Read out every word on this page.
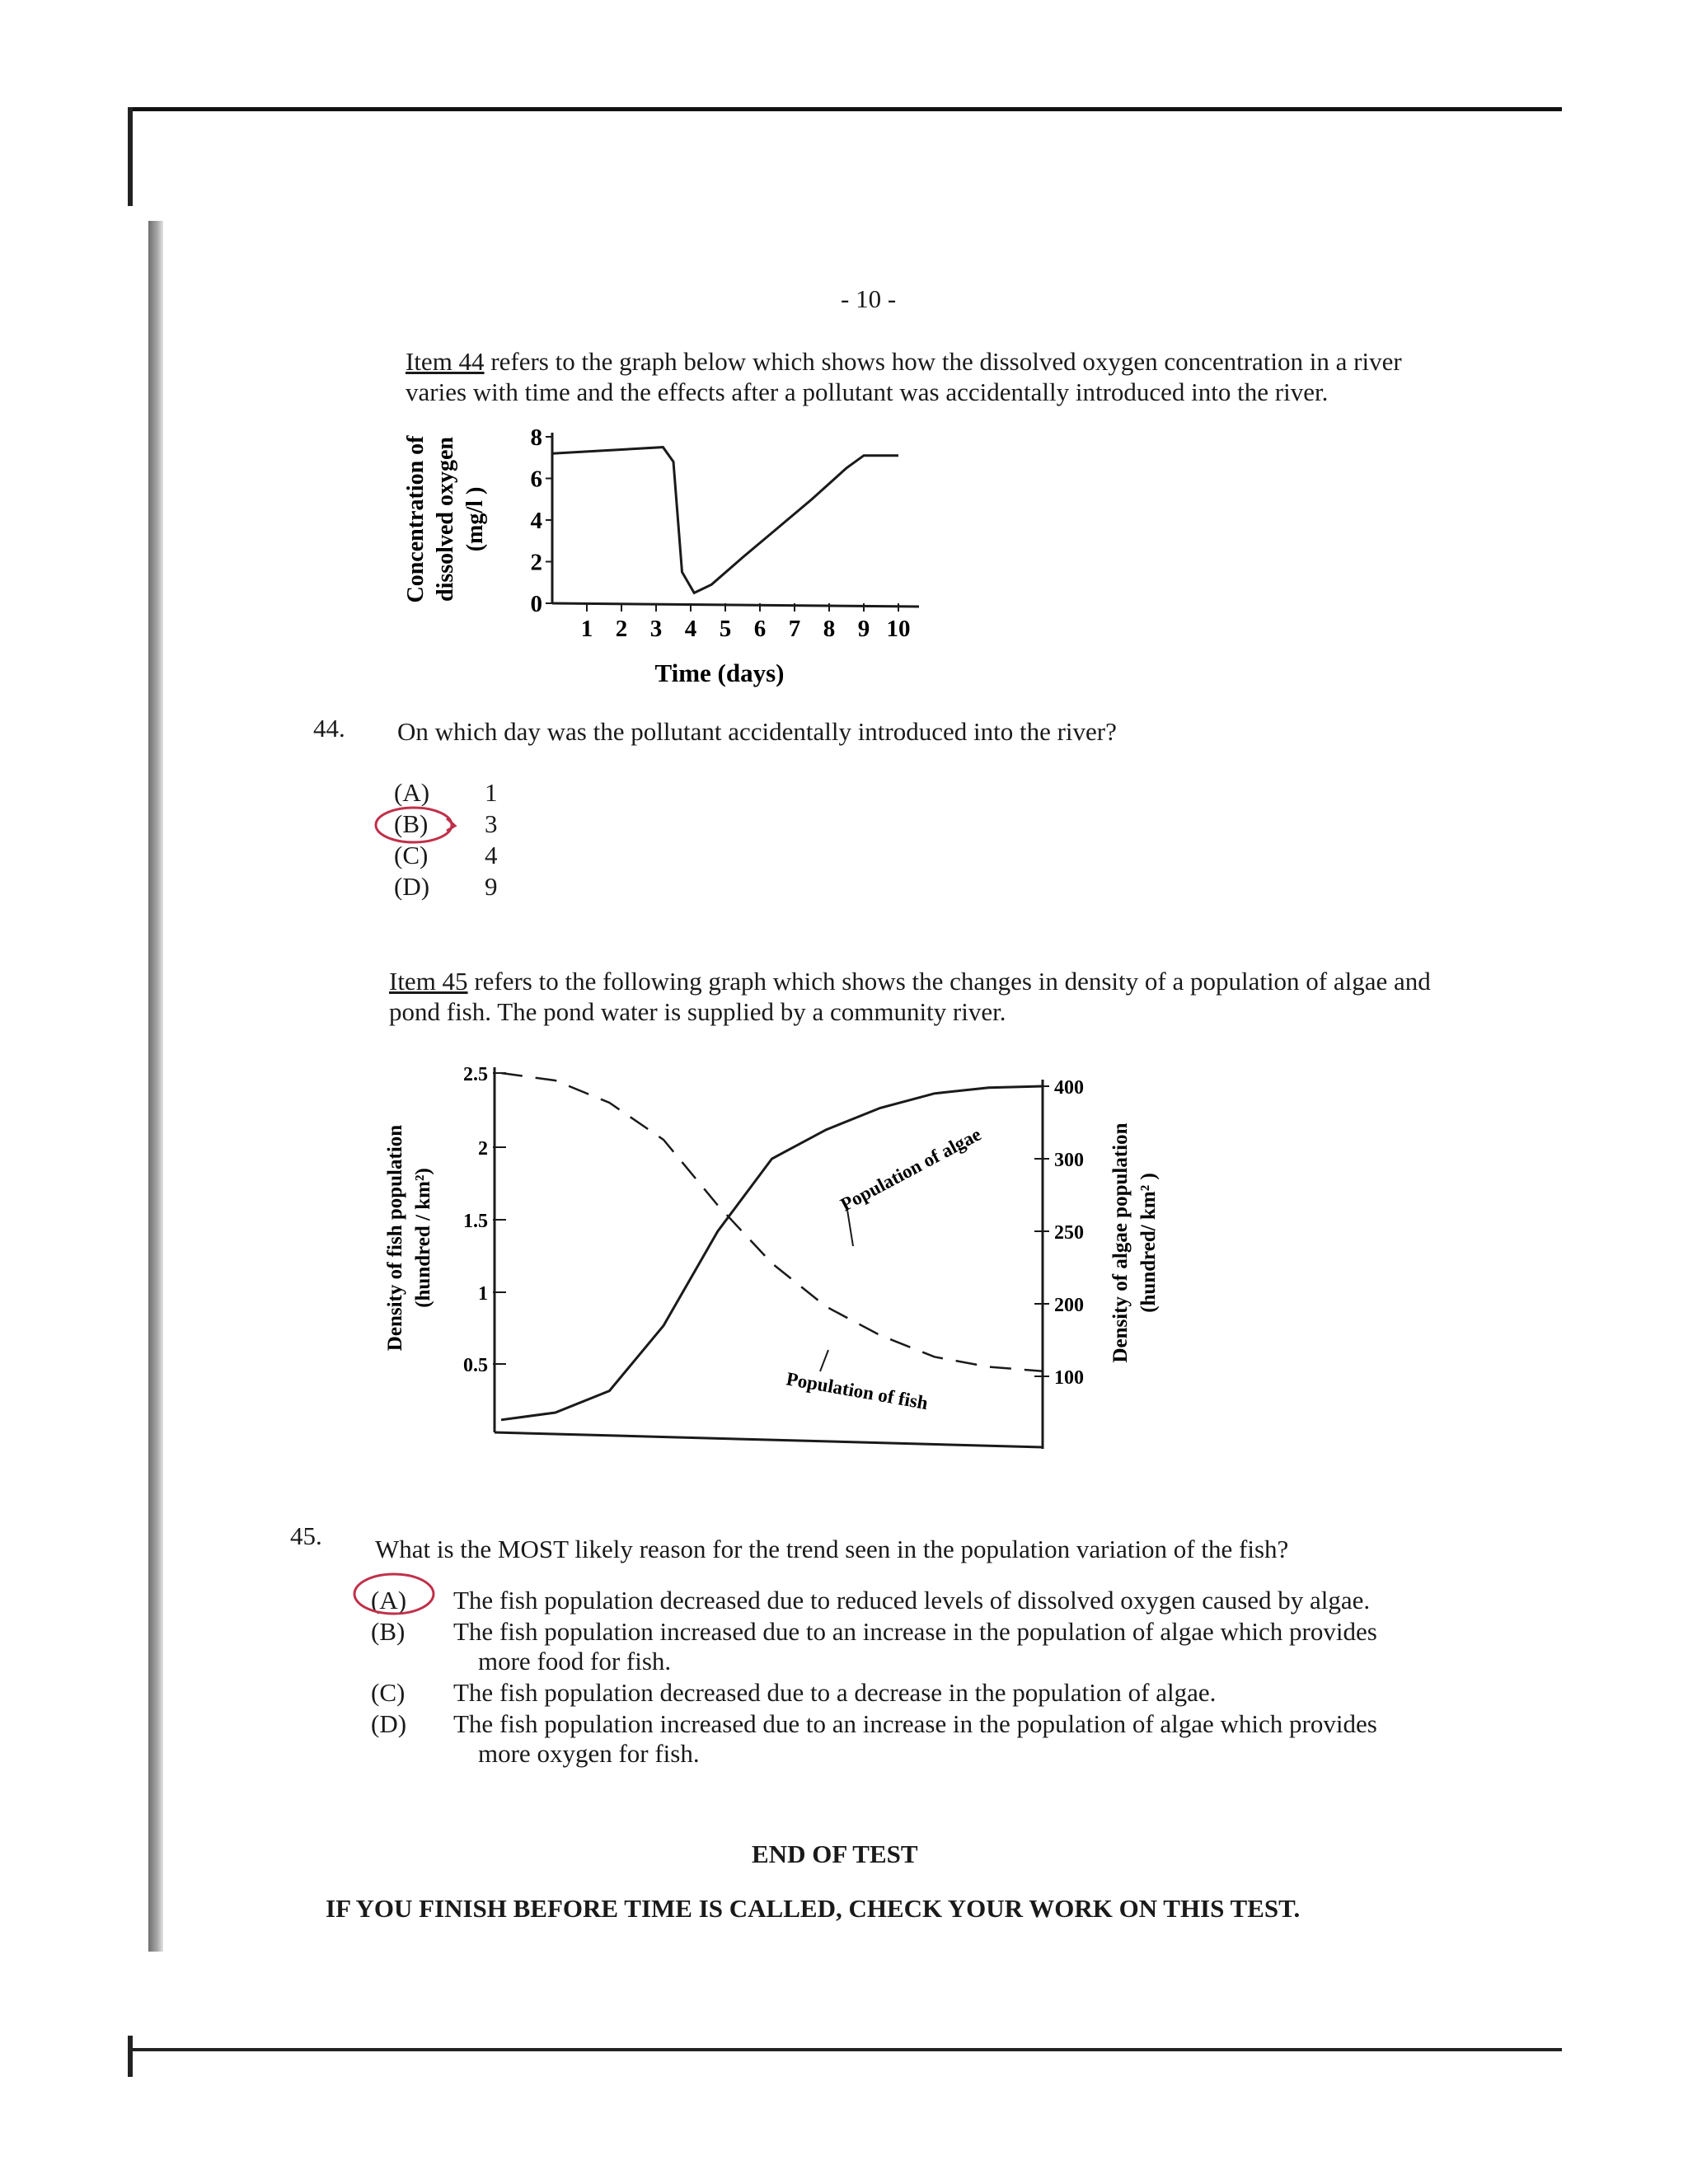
- 10 -
Item 44 refers to the graph below which shows how the dissolved oxygen concentration in a river varies with time and the effects after a pollutant was accidentally introduced into the river.
Concentration of dissolved oxygen (mg/l )
0
2
4
6
8
1 2 3 4 5 6 7 8 9 10
Time (days)
44. On which day was the pollutant accidentally introduced into the river?
(A) 1
(B) 3
(C) 4
(D) 9
Item 45 refers to the following graph which shows the changes in density of a population of algae and pond fish. The pond water is supplied by a community river.
Density of fish population (hundred / km²)	Density of algae population (hundred/ km² )
0.5
1
1.5
2
2.5
100
200
250
300
400
Population of algae
Population of fish
45. What is the MOST likely reason for the trend seen in the population variation of the fish?
(A) The fish population decreased due to reduced levels of dissolved oxygen caused by algae.
(B) The fish population increased due to an increase in the population of algae which provides
more food for fish.
(C) The fish population decreased due to a decrease in the population of algae.
(D) The fish population increased due to an increase in the population of algae which provides
more oxygen for fish.
END OF TEST
IF YOU FINISH BEFORE TIME IS CALLED, CHECK YOUR WORK ON THIS TEST.
